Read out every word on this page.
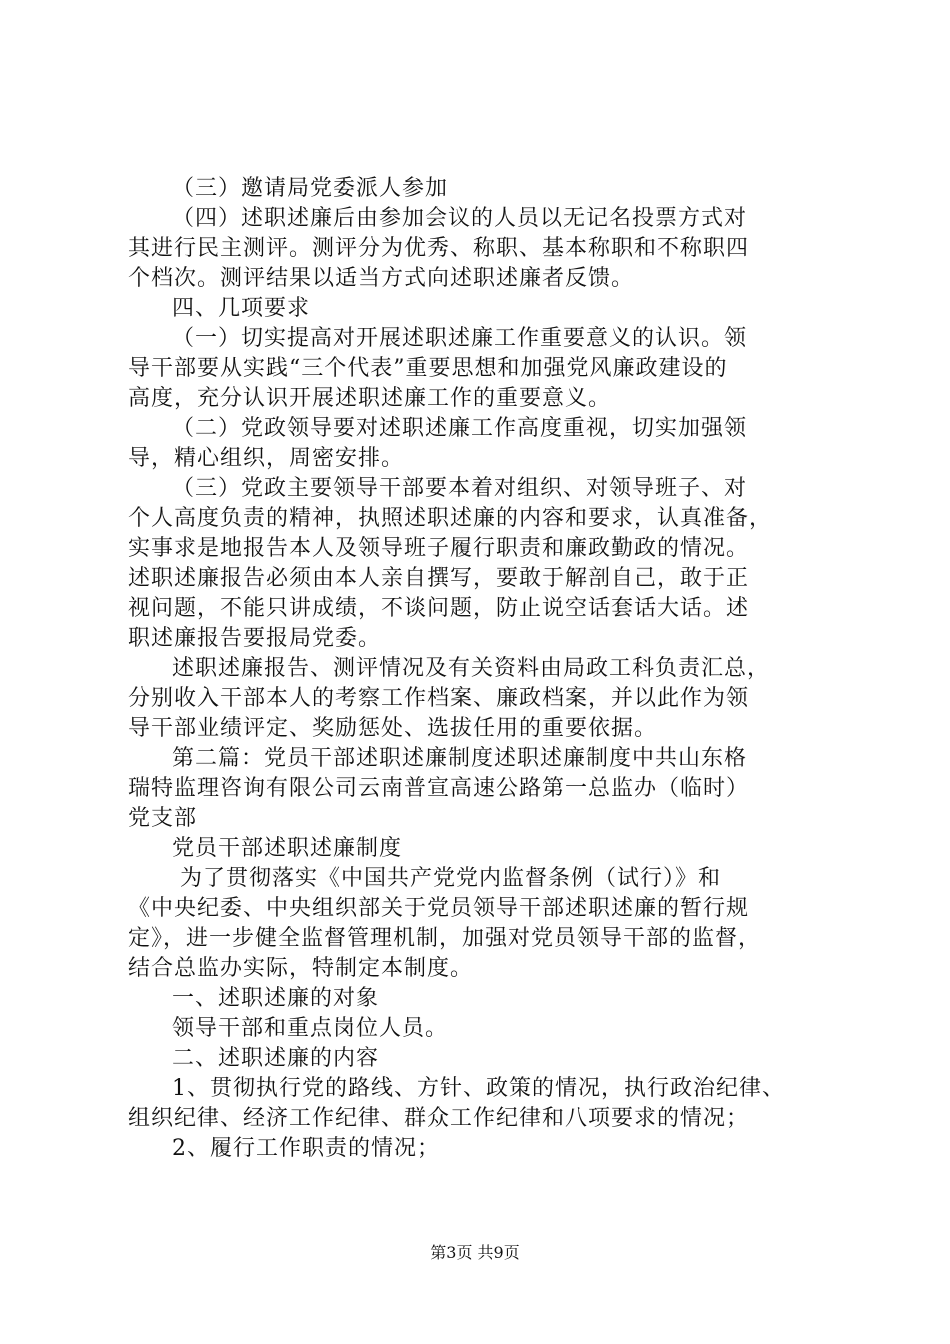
（三）邀请局党委派人参加
（四）述职述廉后由参加会议的人员以无记名投票方式对
其进行民主测评。测评分为优秀、称职、基本称职和不称职四
个档次。测评结果以适当方式向述职述廉者反馈。
四、几项要求
（一）切实提高对开展述职述廉工作重要意义的认识。领
导干部要从实践“三个代表”重要思想和加强党风廉政建设的
高度，充分认识开展述职述廉工作的重要意义。
（二）党政领导要对述职述廉工作高度重视，切实加强领
导，精心组织，周密安排。
（三）党政主要领导干部要本着对组织、对领导班子、对
个人高度负责的精神，执照述职述廉的内容和要求，认真准备，
实事求是地报告本人及领导班子履行职责和廉政勤政的情况。
述职述廉报告必须由本人亲自撰写，要敢于解剖自己，敢于正
视问题，不能只讲成绩，不谈问题，防止说空话套话大话。述
职述廉报告要报局党委。
述职述廉报告、测评情况及有关资料由局政工科负责汇总，
分别收入干部本人的考察工作档案、廉政档案，并以此作为领
导干部业绩评定、奖励惩处、选拔任用的重要依据。
第二篇：党员干部述职述廉制度述职述廉制度中共山东格
瑞特监理咨询有限公司云南普宣高速公路第一总监办（临时）
党支部
党员干部述职述廉制度
为了贯彻落实《中国共产党党内监督条例（试行）》和
《中央纪委、中央组织部关于党员领导干部述职述廉的暂行规
定》，进一步健全监督管理机制，加强对党员领导干部的监督，
结合总监办实际，特制定本制度。
一、述职述廉的对象
领导干部和重点岗位人员。
二、述职述廉的内容
1、贯彻执行党的路线、方针、政策的情况，执行政治纪律、
组织纪律、经济工作纪律、群众工作纪律和八项要求的情况；
2、履行工作职责的情况；
第3页 共9页
